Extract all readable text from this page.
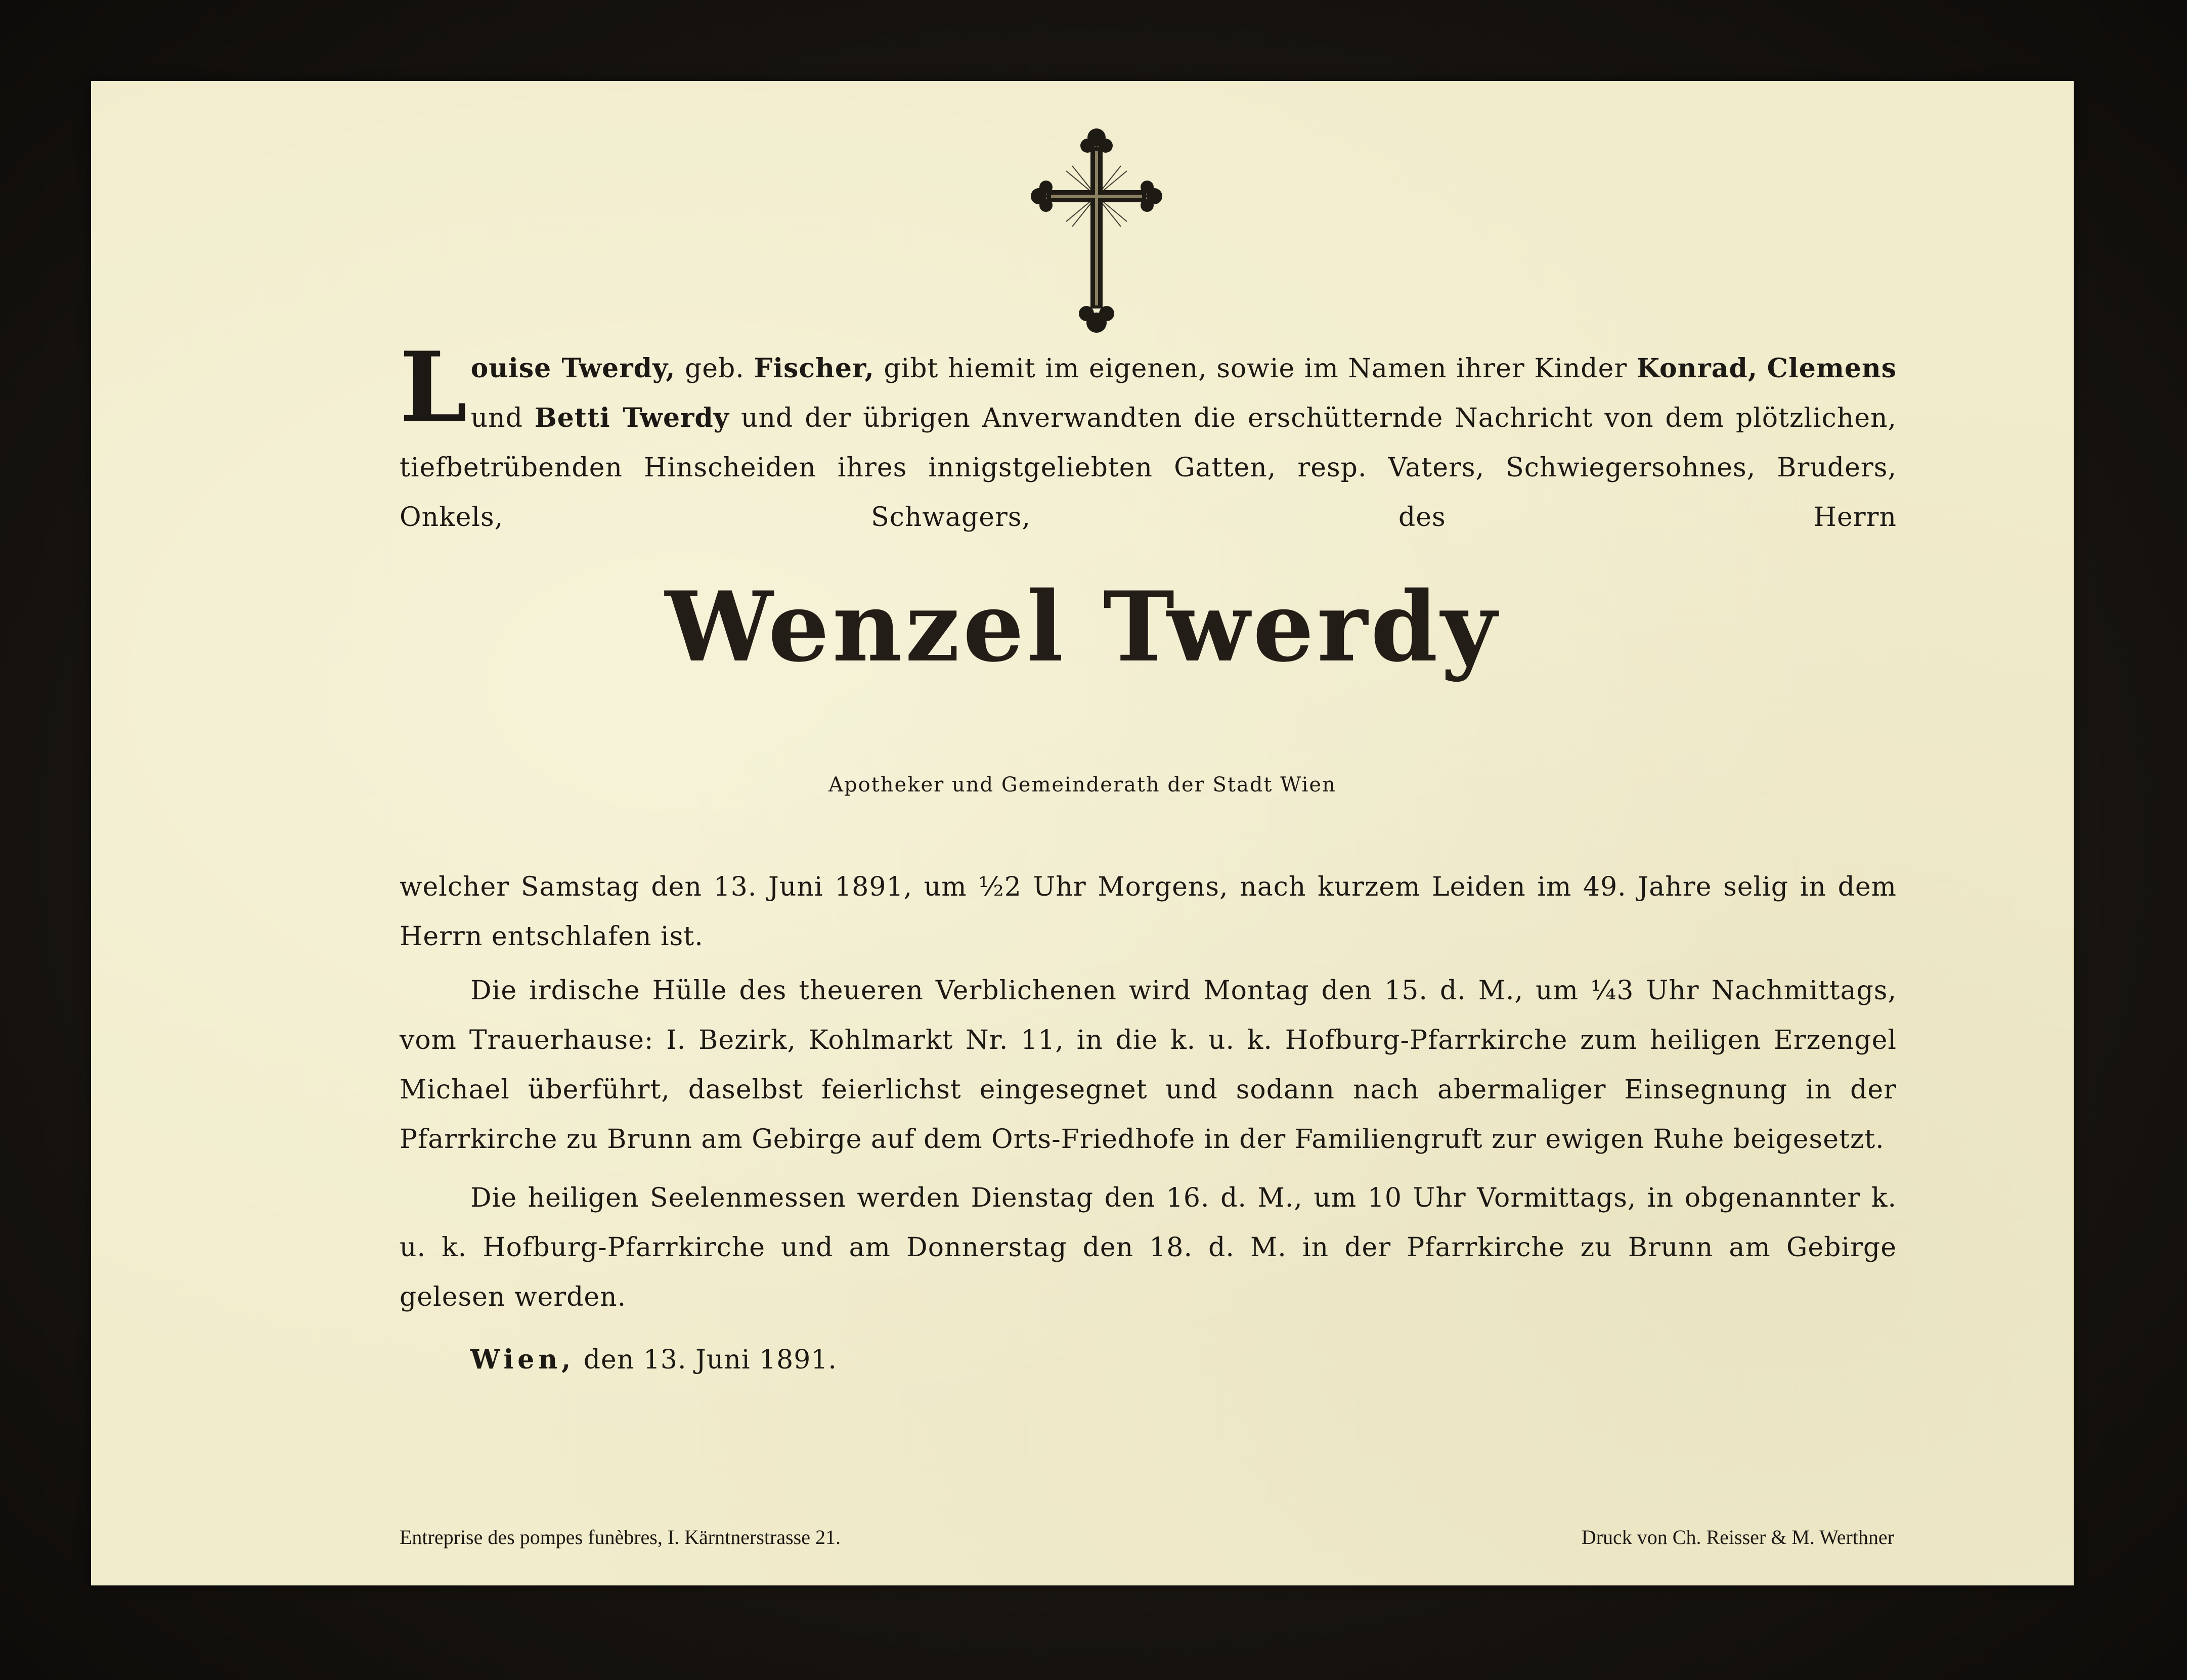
Louise Twerdy, geb. Fischer, gibt hiemit im eigenen, sowie im Namen ihrer Kinder Konrad, Clemens und Betti Twerdy und der übrigen Anverwandten die erschütternde Nachricht von dem plötzlichen, tiefbetrübenden Hinscheiden ihres innigstgeliebten Gatten, resp. Vaters, Schwiegersohnes, Bruders, Onkels, Schwagers, des Herrn

Wenzel Twerdy

Apotheker und Gemeinderath der Stadt Wien

welcher Samstag den 13. Juni 1891, um ½2 Uhr Morgens, nach kurzem Leiden im 49. Jahre selig in dem Herrn entschlafen ist.

Die irdische Hülle des theueren Verblichenen wird Montag den 15. d. M., um ¼3 Uhr Nachmittags, vom Trauerhause: I. Bezirk, Kohlmarkt Nr. 11, in die k. u. k. Hofburg-Pfarrkirche zum heiligen Erzengel Michael überführt, daselbst feierlichst eingesegnet und sodann nach abermaliger Einsegnung in der Pfarrkirche zu Brunn am Gebirge auf dem Orts-Friedhofe in der Familiengruft zur ewigen Ruhe beigesetzt.

Die heiligen Seelenmessen werden Dienstag den 16. d. M., um 10 Uhr Vormittags, in obgenannter k. u. k. Hofburg-Pfarrkirche und am Donnerstag den 18. d. M. in der Pfarrkirche zu Brunn am Gebirge gelesen werden.

Wien, den 13. Juni 1891.

Entreprise des pompes funèbres, I. Kärntnerstrasse 21.	Druck von Ch. Reisser & M. Werthner
